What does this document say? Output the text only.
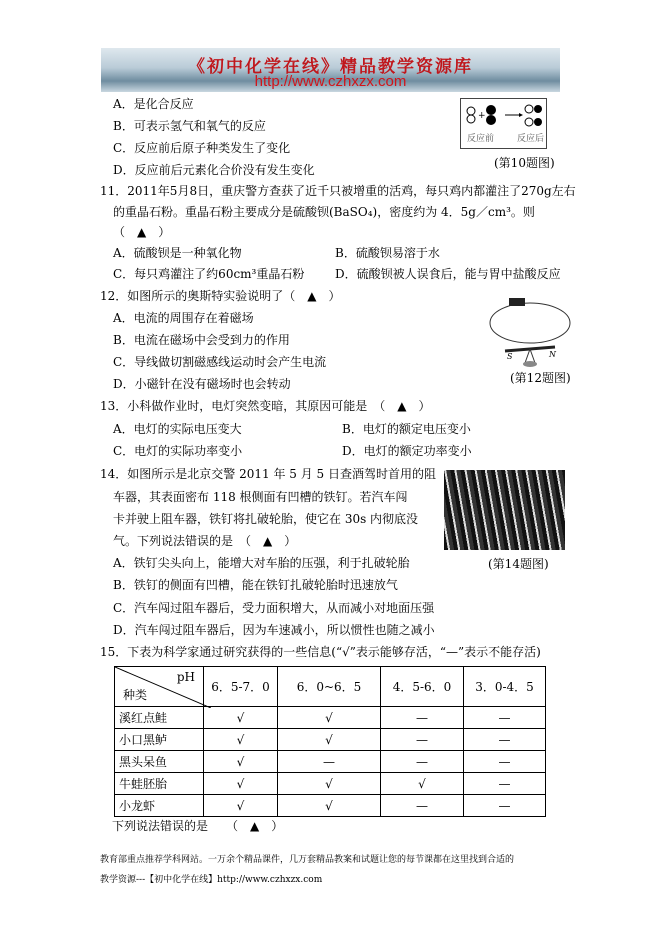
《初中化学在线》精品教学资源库
http://www.czhxzx.com
A．是化合反应
B．可表示氢气和氧气的反应
C．反应前后原子种类发生了变化
D．反应前后元素化合价没有发生变化
+
反应前	反应后
(第10题图)
11．2011年5月8日，重庆警方查获了近千只被增重的活鸡，每只鸡内都灌注了270g左右
的重晶石粉。重晶石粉主要成分是硫酸钡(BaSO₄)，密度约为 4．5g／cm³。则
（　▲　）
A．硫酸钡是一种氧化物	B．硫酸钡易溶于水
C．每只鸡灌注了约60cm³重晶石粉	D．硫酸钡被人误食后，能与胃中盐酸反应
12．如图所示的奥斯特实验说明了（　▲　）
A．电流的周围存在着磁场
B．电流在磁场中会受到力的作用
C．导线做切割磁感线运动时会产生电流
D．小磁针在没有磁场时也会转动
S	N
(第12题图)
13．小科做作业时，电灯突然变暗，其原因可能是　（　▲　）
A．电灯的实际电压变大	B．电灯的额定电压变小
C．电灯的实际功率变小	D．电灯的额定功率变小
14．如图所示是北京交警 2011 年 5 月 5 日查酒驾时首用的阻
车器，其表面密布 118 根侧面有凹槽的铁钉。若汽车闯
卡并驶上阻车器，铁钉将扎破轮胎，使它在 30s 内彻底没
气。下列说法错误的是　（　▲　）
A．铁钉尖头向上，能增大对车胎的压强，利于扎破轮胎
B．铁钉的侧面有凹槽，能在铁钉扎破轮胎时迅速放气
C．汽车闯过阻车器后，受力面积增大，从而减小对地面压强
D．汽车闯过阻车器后，因为车速减小，所以惯性也随之减小
(第14题图)
15．下表为科学家通过研究获得的一些信息(“√”表示能够存活，“—”表示不能存活)
pH
种类	6．5-7．0	6．0~6．5	4．5-6．0	3．0-4．5
溪红点鲑	√	√	—	—
小口黑鲈	√	√	—	—
黑头呆鱼	√	—	—	—
牛蛙胚胎	√	√	√	—
小龙虾	√	√	—	—
下列说法错误的是　　（　▲　）
教育部重点推荐学科网站。一万余个精品课件，几万套精品教案和试题让您的每节课都在这里找到合适的
教学资源---【初中化学在线】http://www.czhxzx.com
